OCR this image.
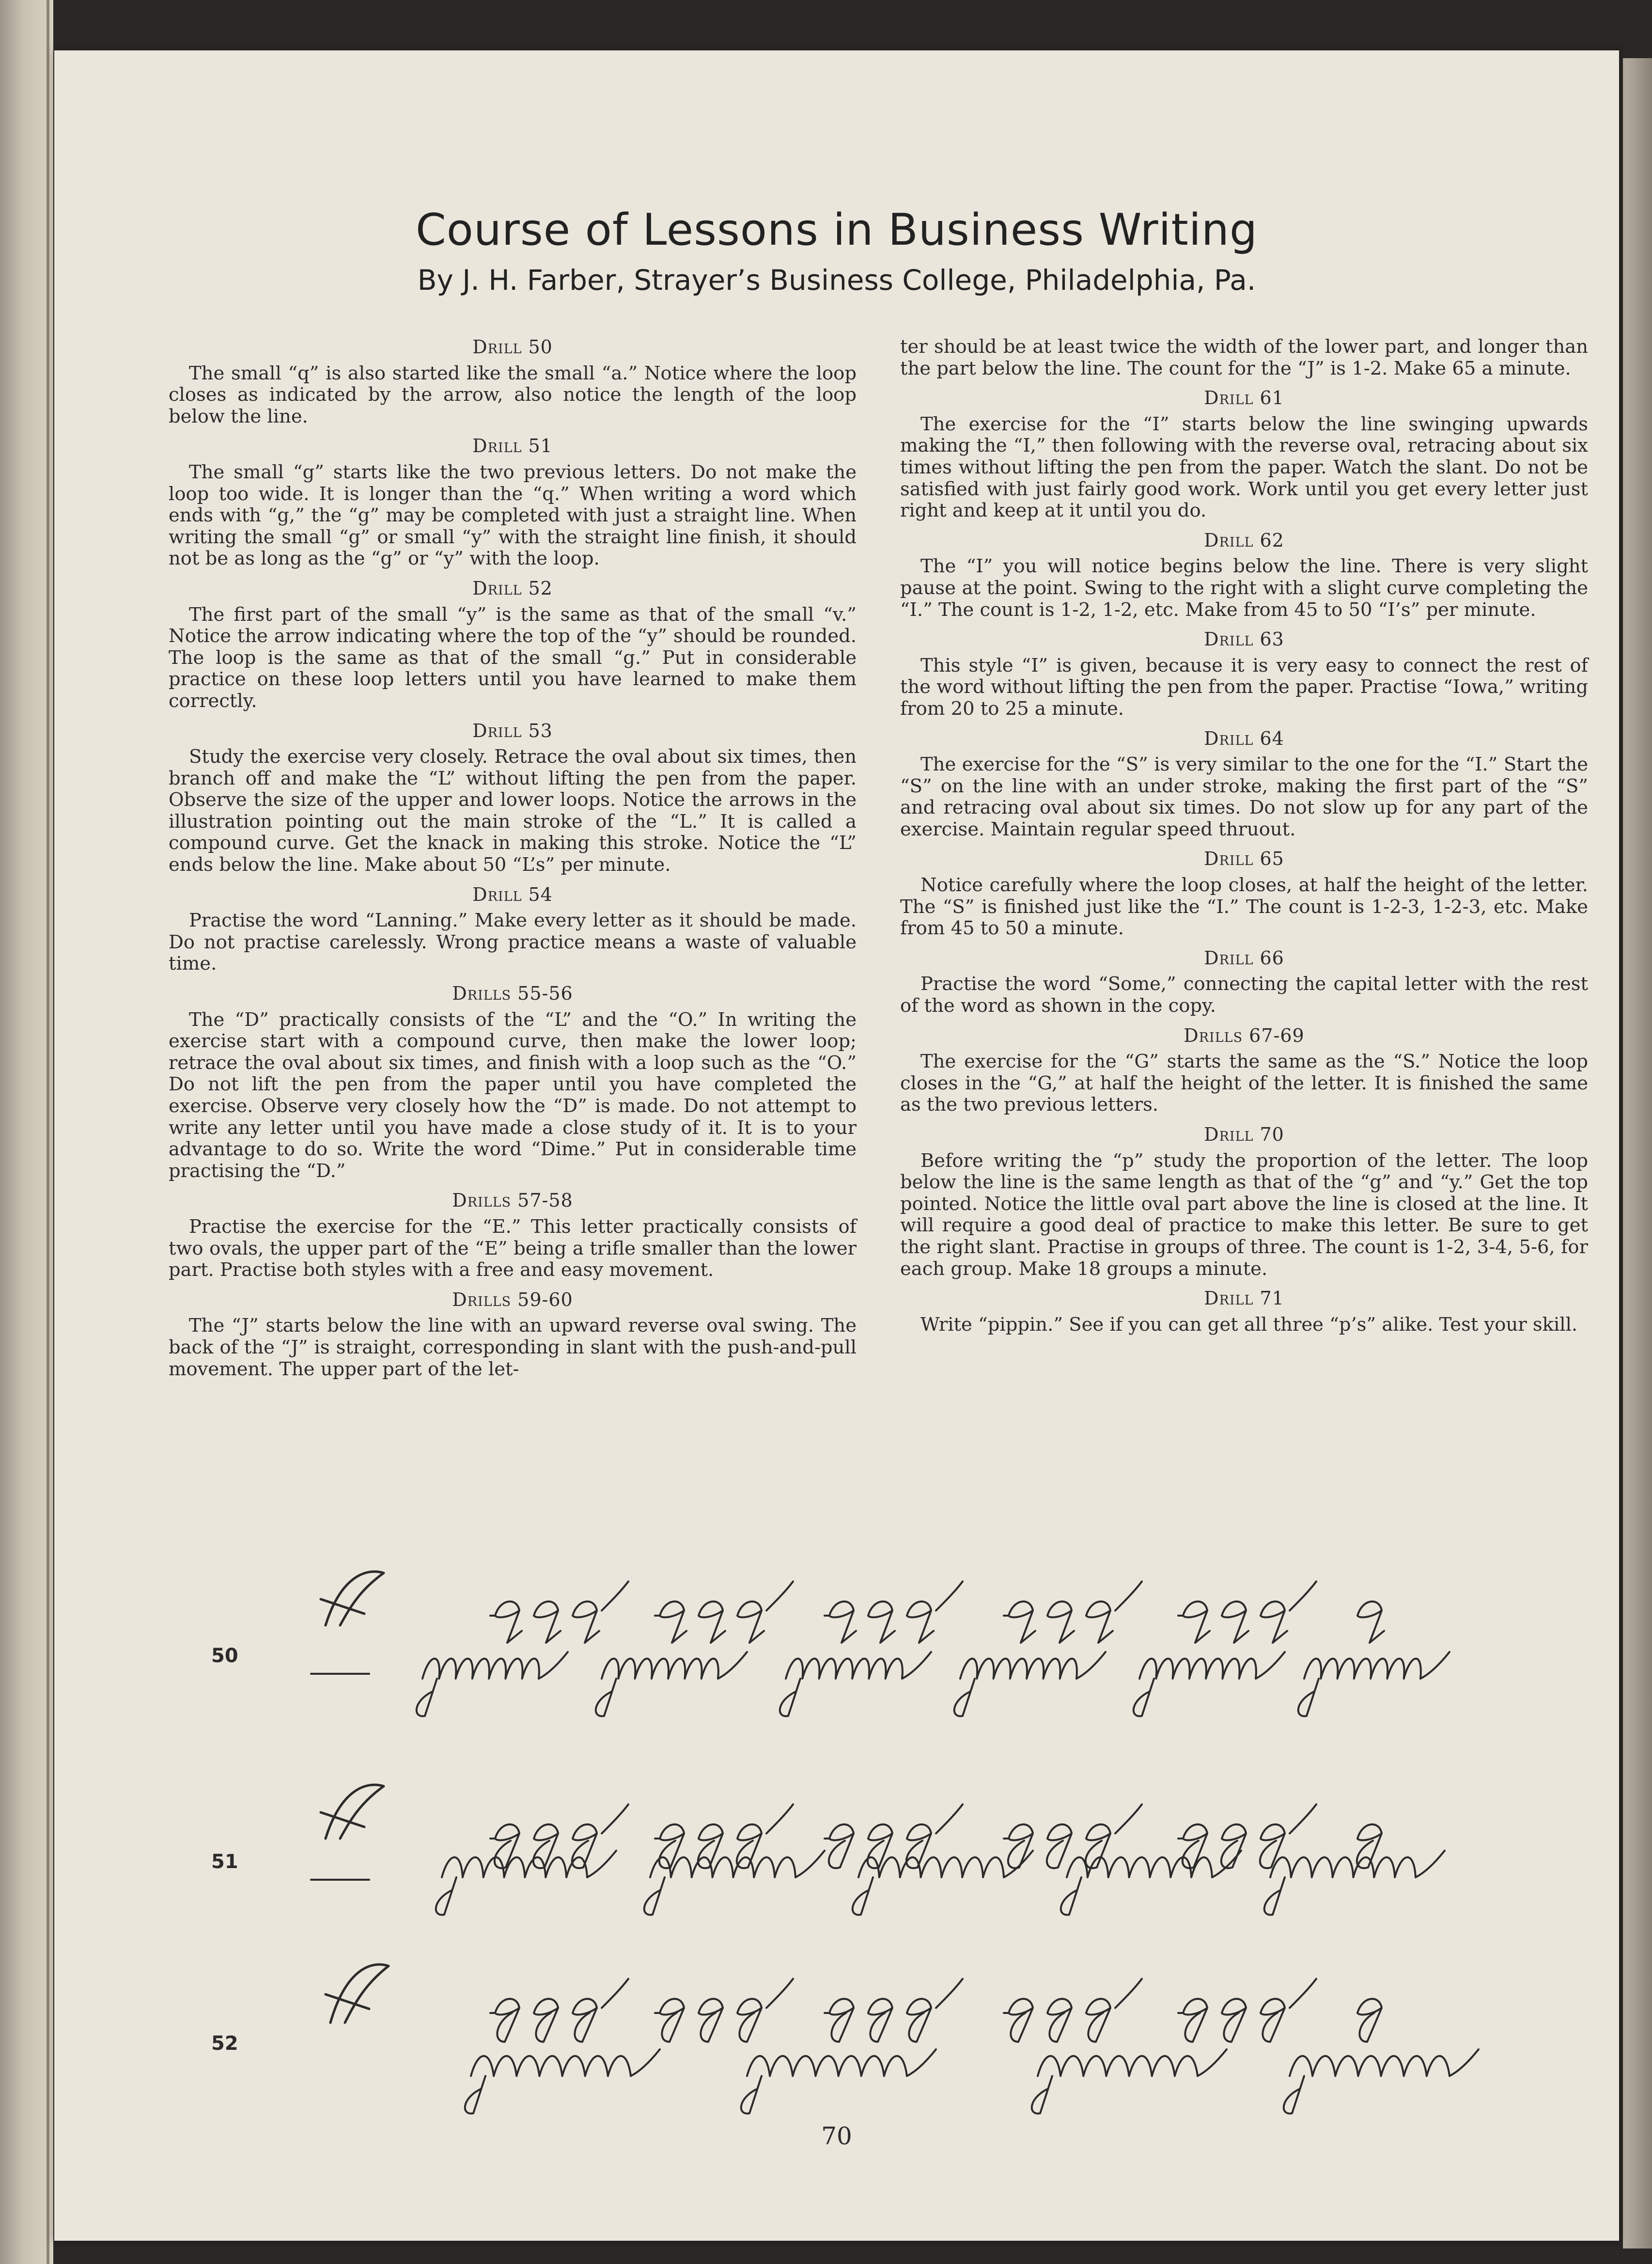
Course of Lessons in Business Writing
By J. H. Farber, Strayer’s Business College, Philadelphia, Pa.
Drill 50

The small “q” is also started like the small “a.” Notice where the loop closes as indicated by the arrow, also notice the length of the loop below the line.

Drill 51

The small “g” starts like the two previous letters. Do not make the loop too wide. It is longer than the “q.” When writing a word which ends with “g,” the “g” may be completed with just a straight line. When writing the small “g” or small “y” with the straight line finish, it should not be as long as the “g” or “y” with the loop.

Drill 52

The first part of the small “y” is the same as that of the small “v.” Notice the arrow indicating where the top of the “y” should be rounded. The loop is the same as that of the small “g.” Put in considerable practice on these loop letters until you have learned to make them correctly.

Drill 53

Study the exercise very closely. Retrace the oval about six times, then branch off and make the “L” without lifting the pen from the paper. Observe the size of the upper and lower loops. Notice the arrows in the illustration pointing out the main stroke of the “L.” It is called a compound curve. Get the knack in making this stroke. Notice the “L” ends below the line. Make about 50 “L’s” per minute.

Drill 54

Practise the word “Lanning.” Make every letter as it should be made. Do not practise carelessly. Wrong practice means a waste of valuable time.

Drills 55-56

The “D” practically consists of the “L” and the “O.” In writing the exercise start with a compound curve, then make the lower loop; retrace the oval about six times, and finish with a loop such as the “O.” Do not lift the pen from the paper until you have completed the exercise. Observe very closely how the “D” is made. Do not attempt to write any letter until you have made a close study of it. It is to your advantage to do so. Write the word “Dime.” Put in considerable time practising the “D.”

Drills 57-58

Practise the exercise for the “E.” This letter practically consists of two ovals, the upper part of the “E” being a trifle smaller than the lower part. Practise both styles with a free and easy movement.

Drills 59-60

The “J” starts below the line with an upward reverse oval swing. The back of the “J” is straight, corresponding in slant with the push-and-pull movement. The upper part of the let-

ter should be at least twice the width of the lower part, and longer than the part below the line. The count for the “J” is 1-2. Make 65 a minute.

Drill 61

The exercise for the “I” starts below the line swinging upwards making the “I,” then following with the reverse oval, retracing about six times without lifting the pen from the paper. Watch the slant. Do not be satisfied with just fairly good work. Work until you get every letter just right and keep at it until you do.

Drill 62

The “I” you will notice begins below the line. There is very slight pause at the point. Swing to the right with a slight curve completing the “I.” The count is 1-2, 1-2, etc. Make from 45 to 50 “I’s” per minute.

Drill 63

This style “I” is given, because it is very easy to connect the rest of the word without lifting the pen from the paper. Practise “Iowa,” writing from 20 to 25 a minute.

Drill 64

The exercise for the “S” is very similar to the one for the “I.” Start the “S” on the line with an under stroke, making the first part of the “S” and retracing oval about six times. Do not slow up for any part of the exercise. Maintain regular speed thruout.

Drill 65

Notice carefully where the loop closes, at half the height of the letter. The “S” is finished just like the “I.” The count is 1-2-3, 1-2-3, etc. Make from 45 to 50 a minute.

Drill 66

Practise the word “Some,” connecting the capital letter with the rest of the word as shown in the copy.

Drills 67-69

The exercise for the “G” starts the same as the “S.” Notice the loop closes in the “G,” at half the height of the letter. It is finished the same as the two previous letters.

Drill 70

Before writing the “p” study the proportion of the letter. The loop below the line is the same length as that of the “g” and “y.” Get the top pointed. Notice the little oval part above the line is closed at the line. It will require a good deal of practice to make this letter. Be sure to get the right slant. Practise in groups of three. The count is 1-2, 3-4, 5-6, for each group. Make 18 groups a minute.

Drill 71

Write “pippin.” See if you can get all three “p’s” alike. Test your skill.

50
51
52
70
